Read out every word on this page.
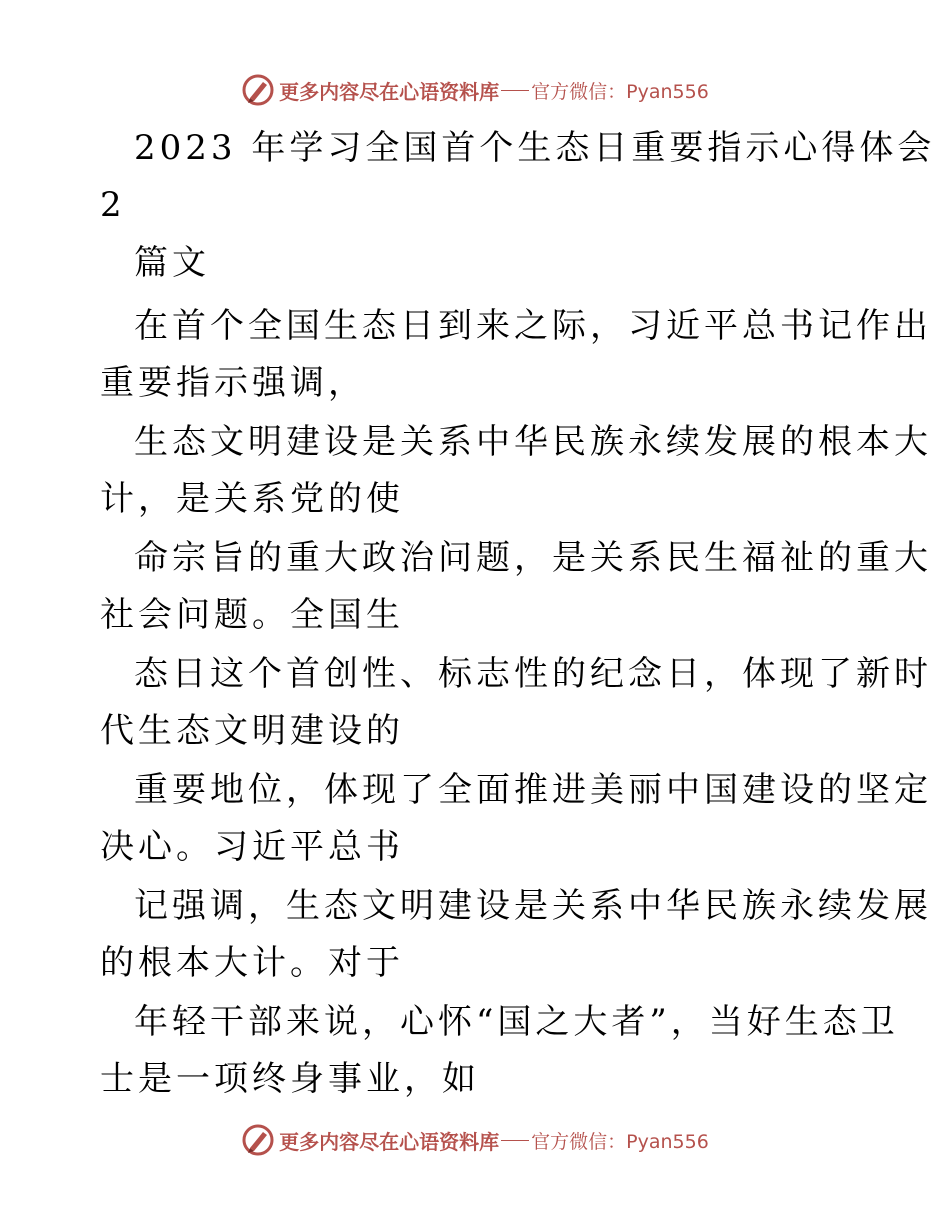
更多内容尽在心语资料库 官方微信：Pyan556
2023 年学习全国首个生态日重要指示心得体会
2
篇文
在首个全国生态日到来之际，习近平总书记作出
重要指示强调，
生态文明建设是关系中华民族永续发展的根本大
计，是关系党的使
命宗旨的重大政治问题，是关系民生福祉的重大
社会问题。全国生
态日这个首创性、标志性的纪念日，体现了新时
代生态文明建设的
重要地位，体现了全面推进美丽中国建设的坚定
决心。习近平总书
记强调，生态文明建设是关系中华民族永续发展
的根本大计。对于
年轻干部来说，心怀“国之大者”，当好生态卫
士是一项终身事业，如
更多内容尽在心语资料库 官方微信：Pyan556
